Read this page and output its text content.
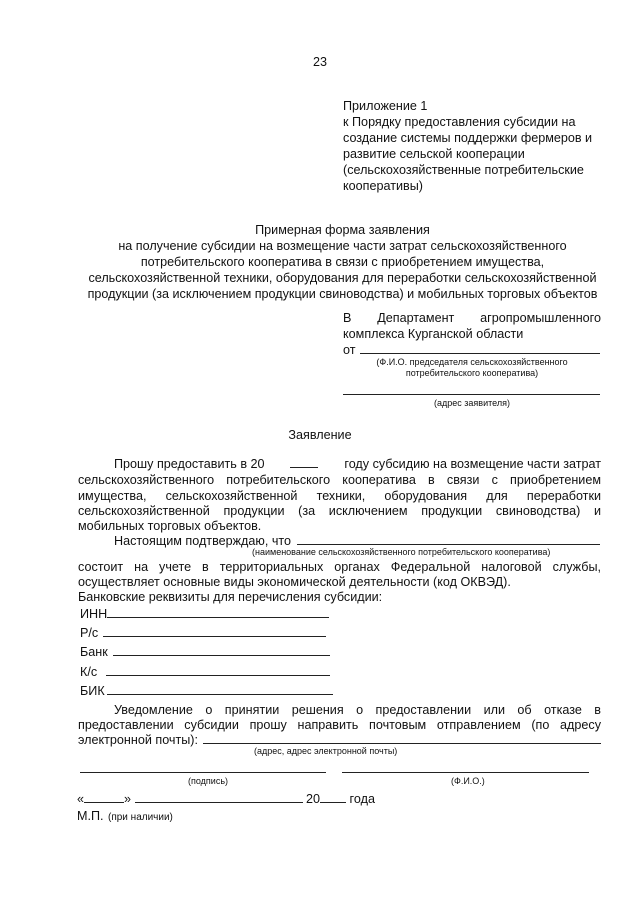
23
Приложение 1
к Порядку предоставления субсидии на
создание системы поддержки фермеров и
развитие сельской кооперации
(сельскохозяйственные потребительские
кооперативы)
Примерная форма заявления
на получение субсидии на возмещение части затрат сельскохозяйственного
потребительского кооператива в связи с приобретением имущества,
сельскохозяйственной техники, оборудования для переработки сельскохозяйственной
продукции (за исключением продукции свиноводства) и мобильных торговых объектов
В Департамент агропромышленного
комплекса Курганской области
от
(Ф.И.О. председателя сельскохозяйственного
потребительского кооператива)
(адрес заявителя)
Заявление
Прошу предоставить в 20	году субсидию на возмещение части затрат
сельскохозяйственного потребительского кооператива в связи с приобретением
имущества, сельскохозяйственной техники, оборудования для переработки
сельскохозяйственной продукции (за исключением продукции свиноводства) и
мобильных торговых объектов.
Настоящим подтверждаю, что
(наименование сельскохозяйственного потребительского кооператива)
состоит на учете в территориальных органах Федеральной налоговой службы,
осуществляет основные виды экономической деятельности (код ОКВЭД).
Банковские реквизиты для перечисления субсидии:
ИНН
Р/с
Банк
К/с
БИК
Уведомление о принятии решения о предоставлении или об отказе в
предоставлении субсидии прошу направить почтовым отправлением (по адресу
электронной почты):
(адрес, адрес электронной почты)
(подпись)	(Ф.И.О.)
«	»	20 года
М.П. (при наличии)
